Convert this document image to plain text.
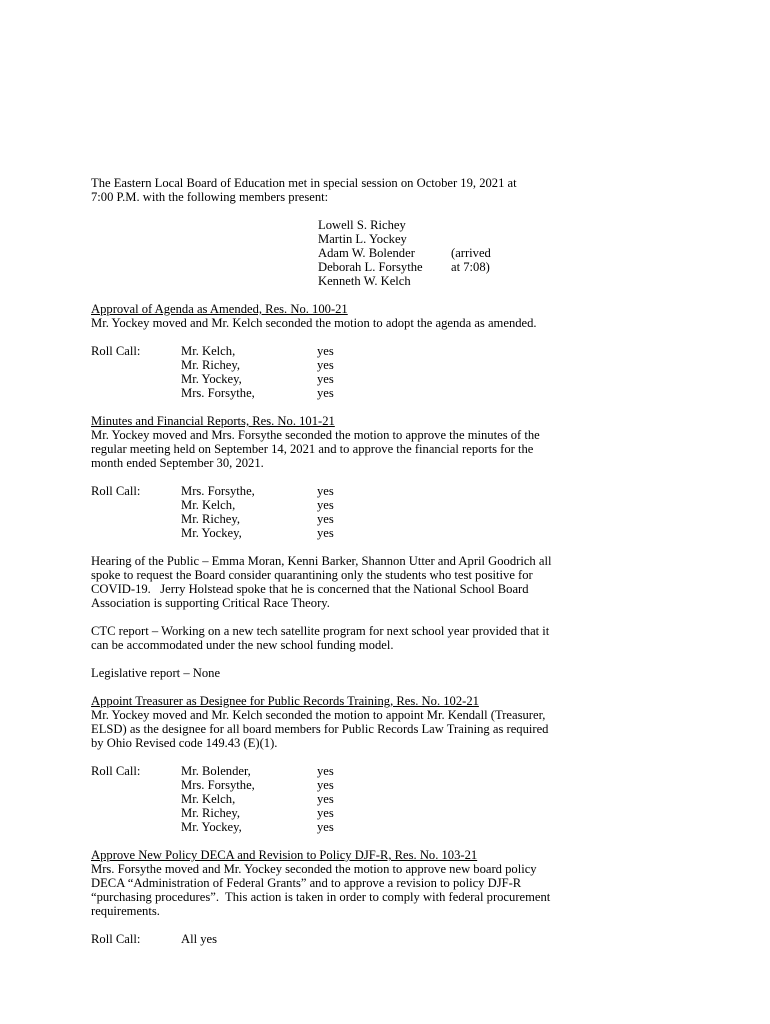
The Eastern Local Board of Education met in special session on October 19, 2021 at
7:00 P.M. with the following members present:
Lowell S. Richey
Martin L. Yockey
Adam W. Bolender
Deborah L. Forsythe
Kenneth W. Kelch
(arrived at 7:08)
Approval of Agenda as Amended, Res. No. 100-21
Mr. Yockey moved and Mr. Kelch seconded the motion to adopt the agenda as amended.
Roll Call:	Mr. Kelch,	yes
Mr. Richey,	yes
Mr. Yockey,	yes
Mrs. Forsythe,	yes
Minutes and Financial Reports, Res. No. 101-21
Mr. Yockey moved and Mrs. Forsythe seconded the motion to approve the minutes of the
regular meeting held on September 14, 2021 and to approve the financial reports for the
month ended September 30, 2021.
Roll Call:	Mrs. Forsythe,	yes
Mr. Kelch,	yes
Mr. Richey,	yes
Mr. Yockey,	yes
Hearing of the Public – Emma Moran, Kenni Barker, Shannon Utter and April Goodrich all
spoke to request the Board consider quarantining only the students who test positive for
COVID-19.   Jerry Holstead spoke that he is concerned that the National School Board
Association is supporting Critical Race Theory.
CTC report – Working on a new tech satellite program for next school year provided that it
can be accommodated under the new school funding model.
Legislative report – None
Appoint Treasurer as Designee for Public Records Training, Res. No. 102-21
Mr. Yockey moved and Mr. Kelch seconded the motion to appoint Mr. Kendall (Treasurer,
ELSD) as the designee for all board members for Public Records Law Training as required
by Ohio Revised code 149.43 (E)(1).
Roll Call:	Mr. Bolender,	yes
Mrs. Forsythe,	yes
Mr. Kelch,	yes
Mr. Richey,	yes
Mr. Yockey,	yes
Approve New Policy DECA and Revision to Policy DJF-R, Res. No. 103-21
Mrs. Forsythe moved and Mr. Yockey seconded the motion to approve new board policy
DECA “Administration of Federal Grants” and to approve a revision to policy DJF-R
“purchasing procedures”.  This action is taken in order to comply with federal procurement
requirements.
Roll Call:	All yes
